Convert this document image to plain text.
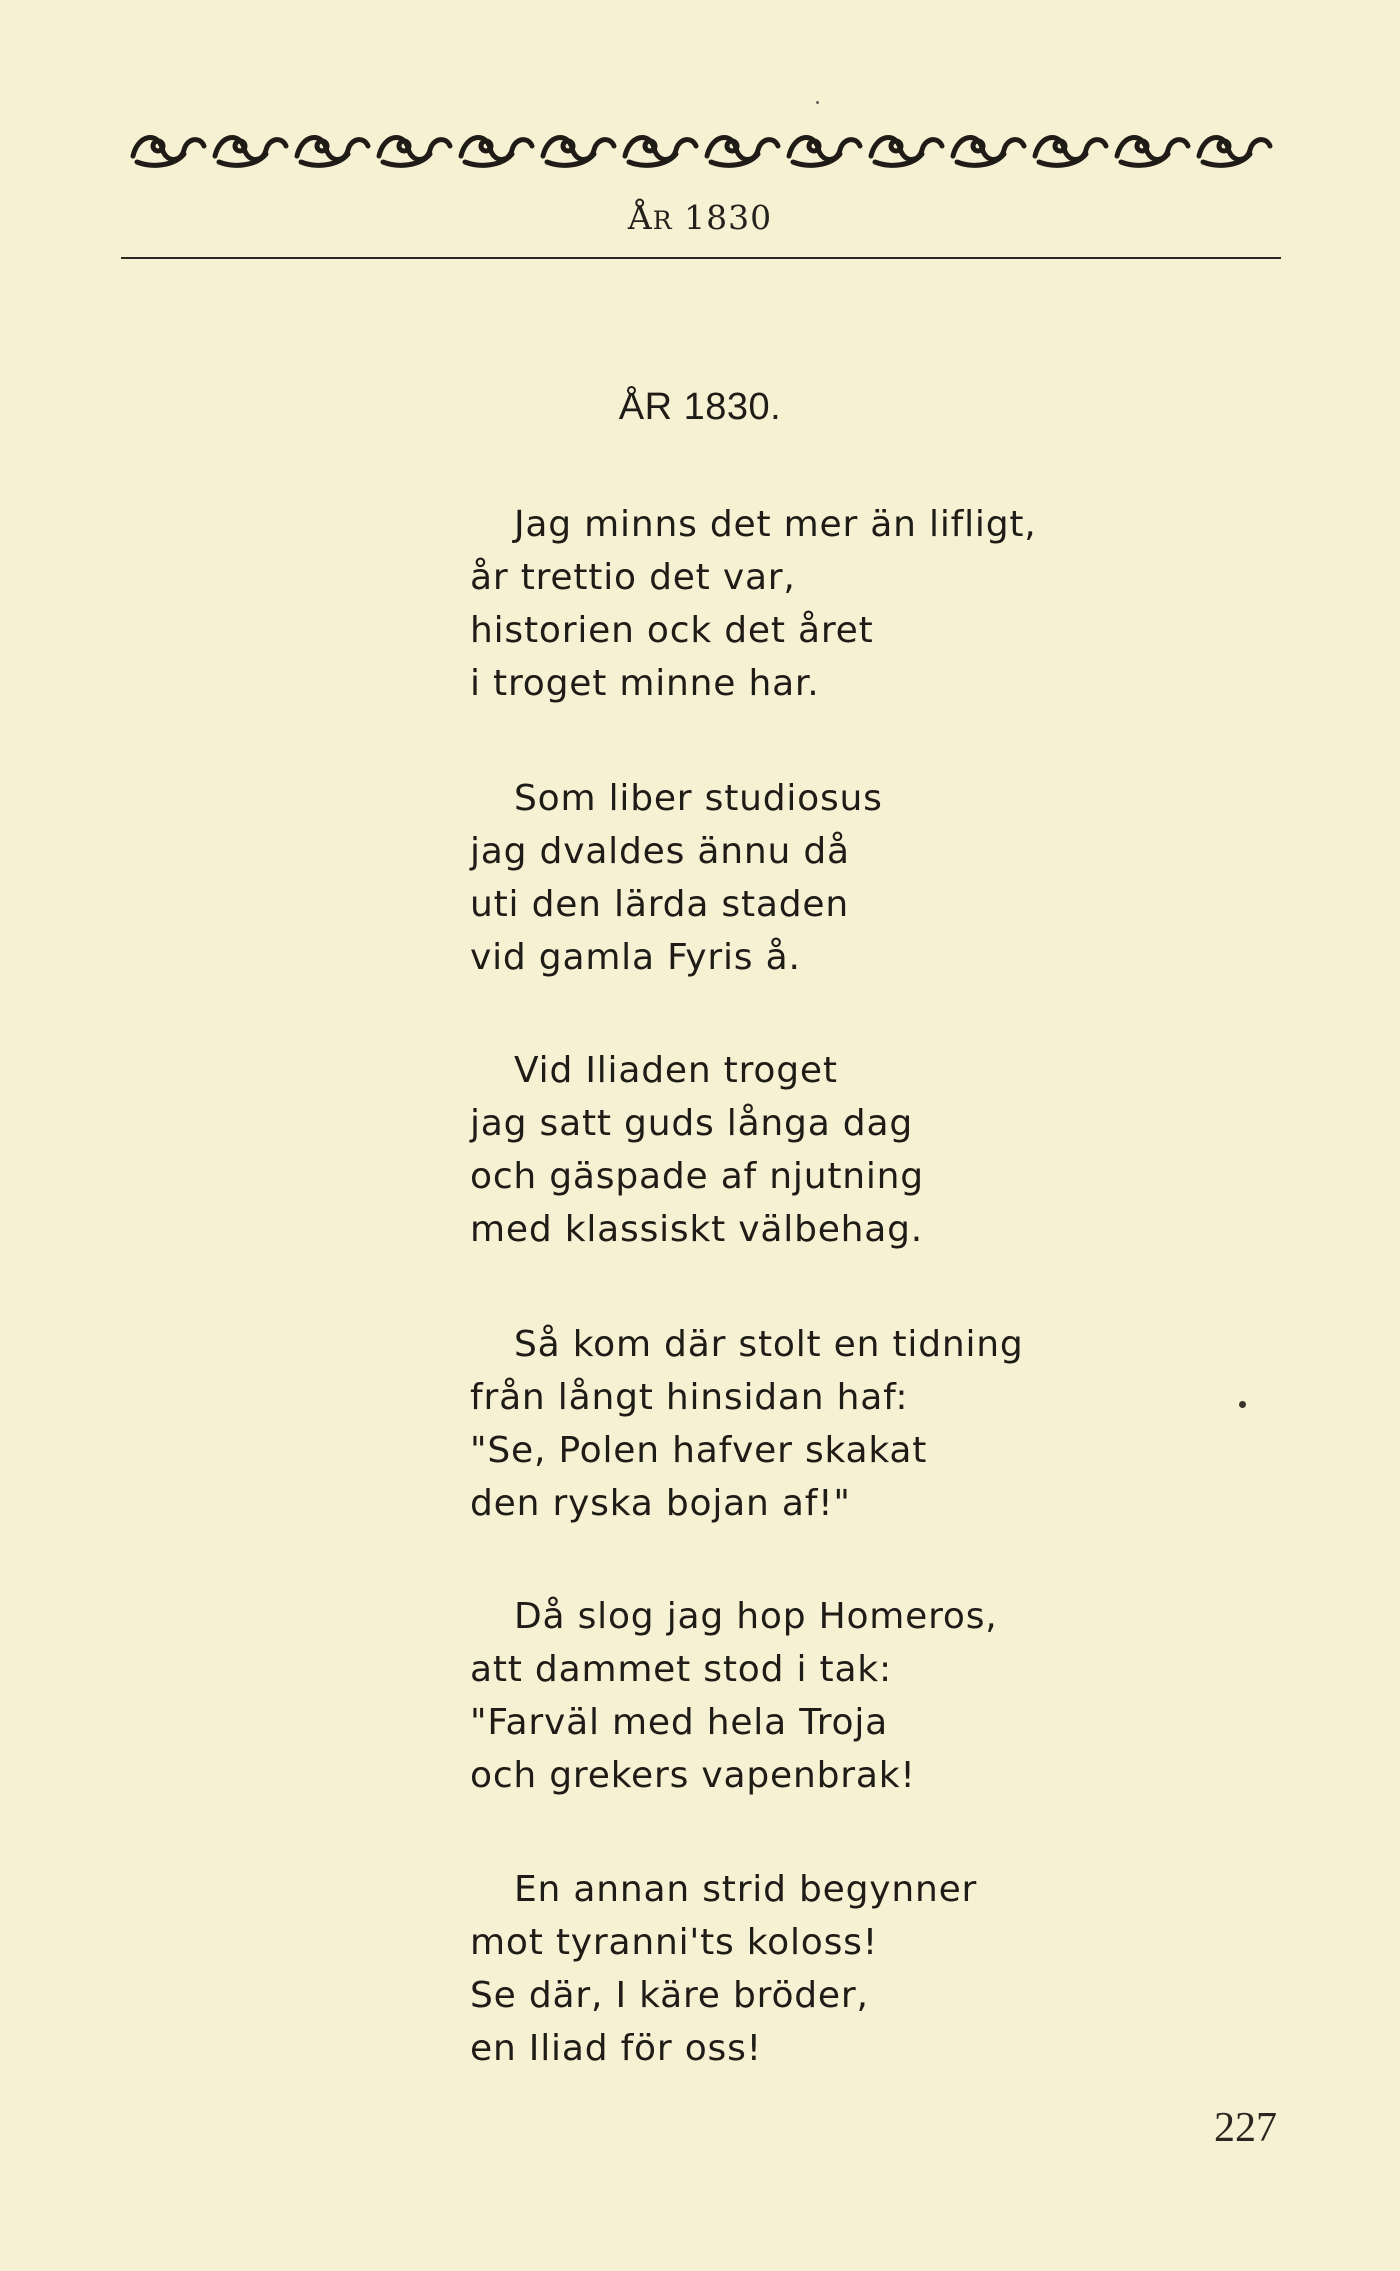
ÅR 1830
ÅR 1830.

Jag minns det mer än lifligt,
år trettio det var,
historien ock det året
i troget minne har.

Som liber studiosus
jag dvaldes ännu då
uti den lärda staden
vid gamla Fyris å.

Vid Iliaden troget
jag satt guds långa dag
och gäspade af njutning
med klassiskt välbehag.

Så kom där stolt en tidning
från långt hinsidan haf:
"Se, Polen hafver skakat
den ryska bojan af!"

Då slog jag hop Homeros,
att dammet stod i tak:
"Farväl med hela Troja
och grekers vapenbrak!

En annan strid begynner
mot tyranni'ts koloss!
Se där, I käre bröder,
en Iliad för oss!

227
